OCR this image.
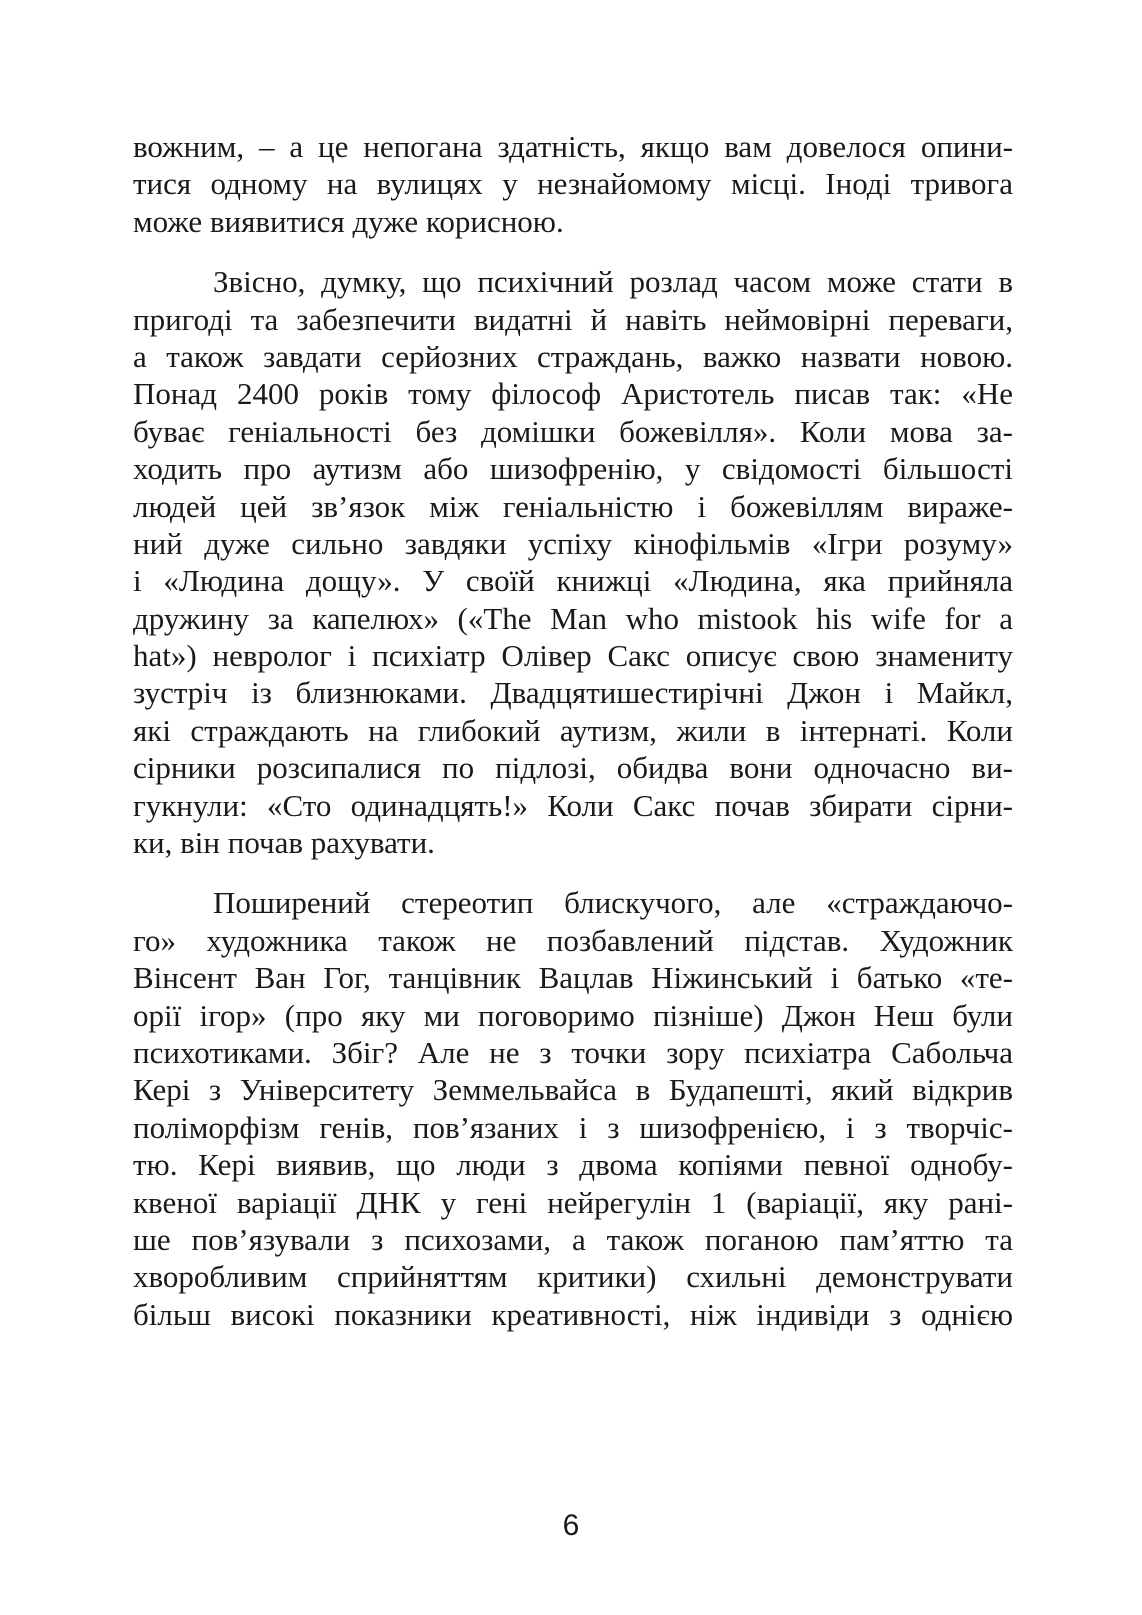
вожним, – а це непогана здатність, якщо вам довелося опини-
тися одному на вулицях у незнайомому місці. Іноді тривога
може виявитися дуже корисною.
Звісно, думку, що психічний розлад часом може стати в
пригоді та забезпечити видатні й навіть неймовірні переваги,
а також завдати серйозних страждань, важко назвати новою.
Понад 2400 років тому філософ Аристотель писав так: «Не
буває геніальності без домішки божевілля». Коли мова за-
ходить про аутизм або шизофренію, у свідомості більшості
людей цей зв’язок між геніальністю і божевіллям вираже-
ний дуже сильно завдяки успіху кінофільмів «Ігри розуму»
і «Людина дощу». У своїй книжці «Людина, яка прийняла
дружину за капелюх» («The Man who mistook his wife for a
hat») невролог і психіатр Олівер Сакс описує свою знамениту
зустріч із близнюками. Двадцятишестирічні Джон і Майкл,
які страждають на глибокий аутизм, жили в інтернаті. Коли
сірники розсипалися по підлозі, обидва вони одночасно ви-
гукнули: «Сто одинадцять!» Коли Сакс почав збирати сірни-
ки, він почав рахувати.
Поширений стереотип блискучого, але «страждаючо-
го» художника також не позбавлений підстав. Художник
Вінсент Ван Гог, танцівник Вацлав Ніжинський і батько «те-
орії ігор» (про яку ми поговоримо пізніше) Джон Неш були
психотиками. Збіг? Але не з точки зору психіатра Сабольча
Кері з Університету Земмельвайса в Будапешті, який відкрив
поліморфізм генів, пов’язаних і з шизофренією, і з творчіс-
тю. Кері виявив, що люди з двома копіями певної однобу-
квеної варіації ДНК у гені нейрегулін 1 (варіації, яку рані-
ше пов’язували з психозами, а також поганою пам’яттю та
хворобливим сприйняттям критики) схильні демонструвати
більш високі показники креативності, ніж індивіди з однією
6
